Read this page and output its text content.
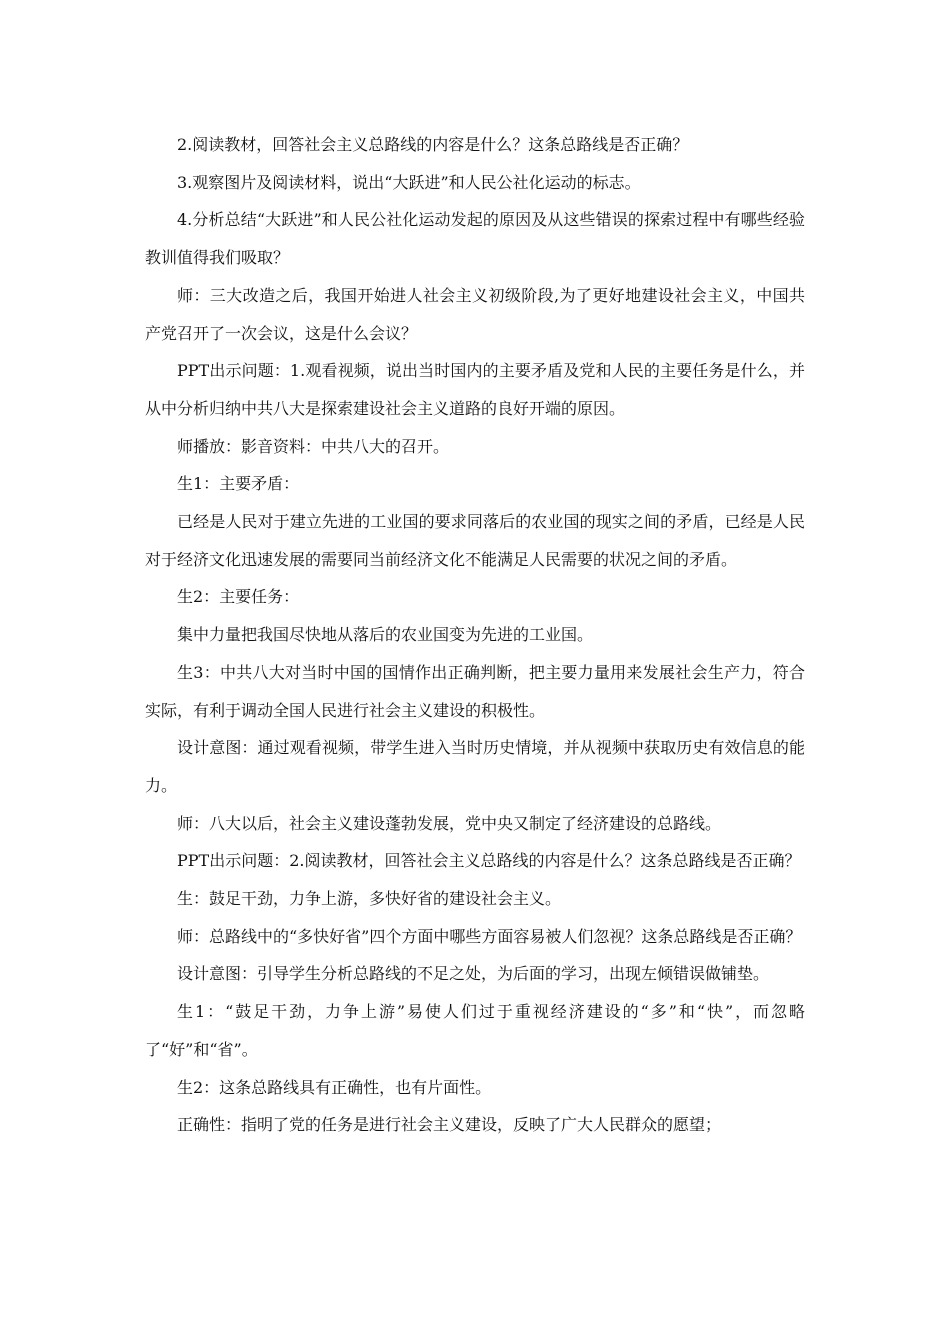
2.阅读教材，回答社会主义总路线的内容是什么？这条总路线是否正确？

3.观察图片及阅读材料，说出“大跃进”和人民公社化运动的标志。

4.分析总结“大跃进”和人民公社化运动发起的原因及从这些错误的探索过程中有哪些经验教训值得我们吸取？

师：三大改造之后，我国开始进人社会主义初级阶段,为了更好地建设社会主义，中国共产党召开了一次会议，这是什么会议？

PPT出示问题：1.观看视频，说出当时国内的主要矛盾及党和人民的主要任务是什么，并从中分析归纳中共八大是探索建设社会主义道路的良好开端的原因。

师播放：影音资料：中共八大的召开。

生1：主要矛盾：

已经是人民对于建立先进的工业国的要求同落后的农业国的现实之间的矛盾，已经是人民对于经济文化迅速发展的需要同当前经济文化不能满足人民需要的状况之间的矛盾。

生2：主要任务：

集中力量把我国尽快地从落后的农业国变为先进的工业国。

生3：中共八大对当时中国的国情作出正确判断，把主要力量用来发展社会生产力，符合实际，有利于调动全国人民进行社会主义建设的积极性。

设计意图：通过观看视频，带学生进入当时历史情境，并从视频中获取历史有效信息的能力。

师：八大以后，社会主义建设蓬勃发展，党中央又制定了经济建设的总路线。

PPT出示问题：2.阅读教材，回答社会主义总路线的内容是什么？这条总路线是否正确？

生：鼓足干劲，力争上游，多快好省的建设社会主义。

师：总路线中的“多快好省”四个方面中哪些方面容易被人们忽视？这条总路线是否正确？

设计意图：引导学生分析总路线的不足之处，为后面的学习，出现左倾错误做铺垫。

生1：“鼓足干劲，力争上游”易使人们过于重视经济建设的“多”和“快”，而忽略了“好”和“省”。

生2：这条总路线具有正确性，也有片面性。

正确性：指明了党的任务是进行社会主义建设，反映了广大人民群众的愿望；
